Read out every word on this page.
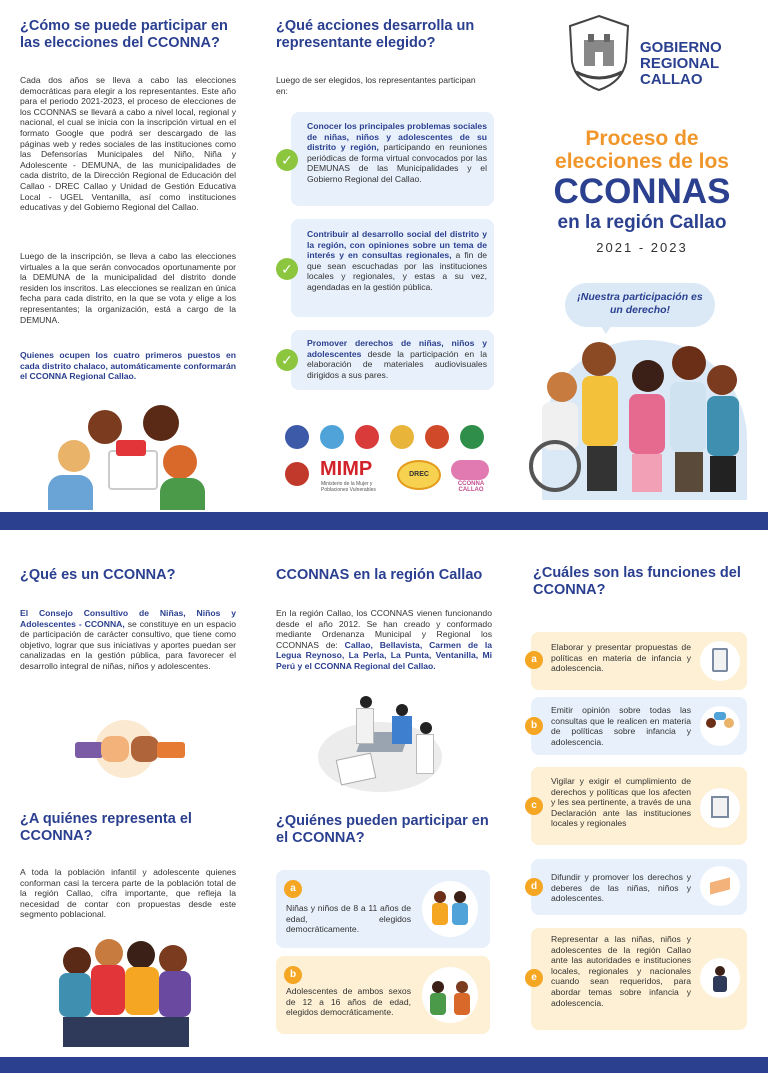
¿Cómo se puede participar en las elecciones del CCONNA?
Cada dos años se lleva a cabo las elecciones democráticas para elegir a los representantes. Este año para el periodo 2021-2023, el proceso de elecciones de los CCONNAS se llevará a cabo a nivel local, regional y nacional, el cual se inicia con la inscripción virtual en el formato Google que podrá ser descargado de las páginas web y redes sociales de las instituciones como las Defensorías Municipales del Niño, Niña y Adolescente - DEMUNA, de las municipalidades de cada distrito, de la Dirección Regional de Educación del Callao - DREC Callao y Unidad de Gestión Educativa Local - UGEL Ventanilla, así como instituciones educativas y del Gobierno Regional del Callao.
Luego de la inscripción, se lleva a cabo las elecciones virtuales a la que serán convocados oportunamente por la DEMUNA de la municipalidad del distrito donde residen los inscritos. Las elecciones se realizan en única fecha para cada distrito, en la que se vota y elige a los representantes; la organización, está a cargo de la DEMUNA.
Quienes ocupen los cuatro primeros puestos en cada distrito chalaco, automáticamente conformarán el CCONNA Regional Callao.
¿Qué acciones desarrolla un representante elegido?
Luego de ser elegidos, los representantes participan en:
✓
Conocer los principales problemas sociales de niñas, niños y adolescentes de su distrito y región, participando en reuniones periódicas de forma virtual convocados por las DEMUNAS de las Municipalidades y el Gobierno Regional del Callao.
✓
Contribuir al desarrollo social del distrito y la región, con opiniones sobre un tema de interés y en consultas regionales, a fin de que sean escuchadas por las instituciones locales y regionales, y estas a su vez, agendadas en la gestión pública.
✓
Promover derechos de niñas, niños y adolescentes desde la participación en la elaboración de materiales audiovisuales dirigidos a sus pares.
MIMP
Ministerio de la Mujer y Poblaciones Vulnerables
DREC
CCONNA CALLAO
GOBIERNO
REGIONAL
CALLAO
Proceso de
elecciones de los
CCONNAS
en la región Callao
2021 - 2023
¡Nuestra participación es un derecho!
¿Qué es un CCONNA?
El Consejo Consultivo de Niñas, Niños y Adolescentes - CCONNA, se constituye en un espacio de participación de carácter consultivo, que tiene como objetivo, lograr que sus iniciativas y aportes puedan ser canalizadas en la gestión pública, para favorecer el desarrollo integral de niñas, niños y adolescentes.
¿A quiénes representa el CCONNA?
A toda la población infantil y adolescente quienes conforman casi la tercera parte de la población total de la región Callao, cifra importante, que refleja la necesidad de contar con propuestas desde este segmento poblacional.
CCONNAS en la región Callao
En la región Callao, los CCONNAS vienen funcionando desde el año 2012. Se han creado y conformado mediante Ordenanza Municipal y Regional los CCONNAS de: Callao, Bellavista, Carmen de la Legua Reynoso, La Perla, La Punta, Ventanilla, Mi Perú y el CCONNA Regional del Callao.
¿Quiénes pueden participar en el CCONNA?
a
Niñas y niños de 8 a 11 años de edad, elegidos democráticamente.
b
Adolescentes de ambos sexos de 12 a 16 años de edad, elegidos democráticamente.
¿Cuáles son las funciones del CCONNA?
a
Elaborar y presentar propuestas de políticas en materia de infancia y adolescencia.
b
Emitir opinión sobre todas las consultas que le realicen en materia de políticas sobre infancia y adolescencia.
c
Vigilar y exigir el cumplimiento de derechos y políticas que los afecten y les sea pertinente, a través de una Declaración ante las instituciones locales y regionales
d
Difundir y promover los derechos y deberes de las niñas, niños y adolescentes.
e
Representar a las niñas, niños y adolescentes de la región Callao ante las autoridades e instituciones locales, regionales y nacionales cuando sean requeridos, para abordar temas sobre infancia y adolescencia.
